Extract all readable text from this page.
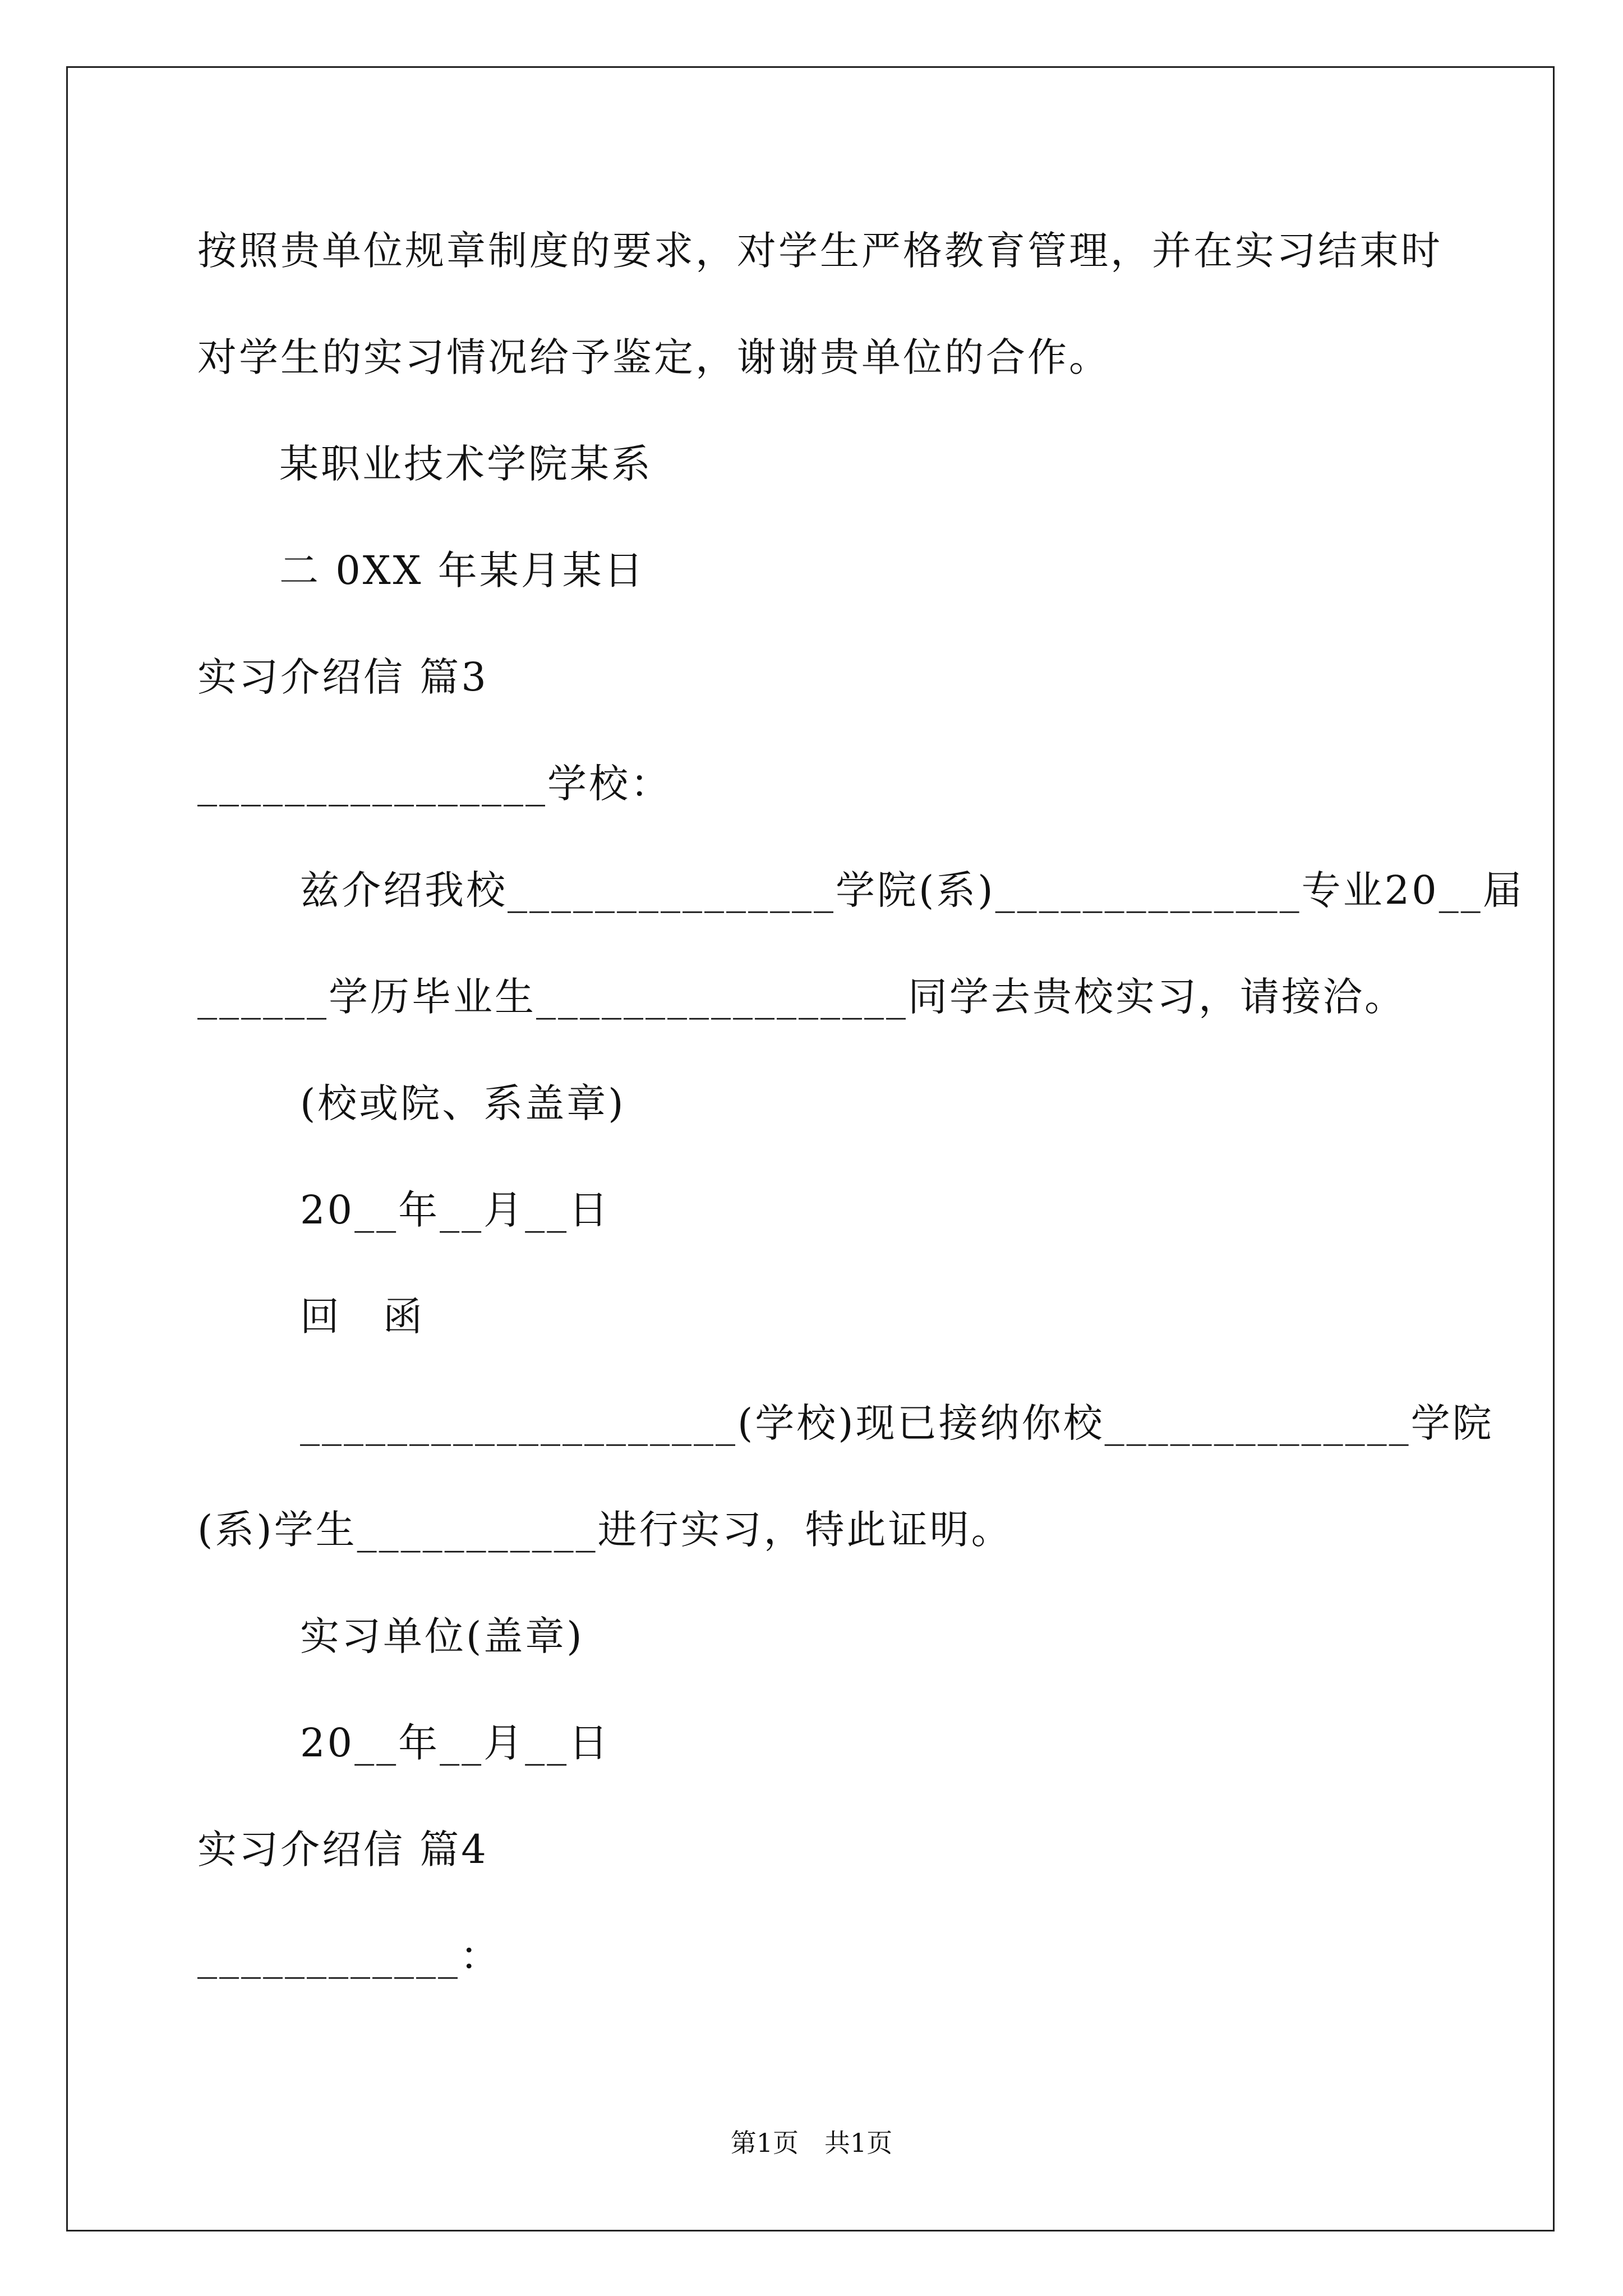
按照贵单位规章制度的要求，对学生严格教育管理，并在实习结束时
对学生的实习情况给予鉴定，谢谢贵单位的合作。
某职业技术学院某系
二 0XX 年某月某日
实习介绍信 篇3
________________学校：
兹介绍我校_______________学院(系)______________专业20__届
______学历毕业生_________________同学去贵校实习，请接洽。
(校或院、系盖章)
20__年__月__日
回　函
____________________(学校)现已接纳你校______________学院
(系)学生___________进行实习，特此证明。
实习单位(盖章)
20__年__月__日
实习介绍信 篇4
____________：
第1页　共1页
